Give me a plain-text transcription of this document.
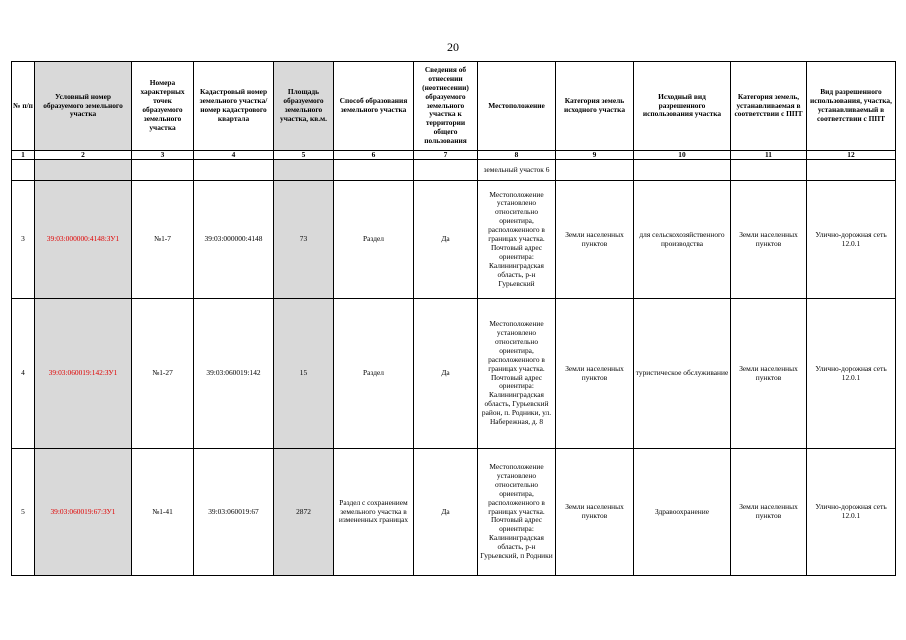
20
№ п/п	Условный номер образуемого земельного участка	Номера характерных точек образуемого земельного участка	Кадастровый номер земельного участка/номер кадастрового квартала	Площадь образуемого земельного участка, кв.м.	Способ образования земельного участка	Сведения об отнесении (неотнесении) образуемого земельного участка к территории общего пользования	Местоположение	Категория земель исходного участка	Исходный вид разрешенного использования участка	Категория земель, устанавливаемая в соответствии с ППТ	Вид разрешенного использования, участка, устанавливаемый в соответствии с ППТ
1	2	3	4	5	6	7	8	9	10	11	12
							земельный участок 6				
3	39:03:000000:4148:ЗУ1	№1-7	39:03:000000:4148	73	Раздел	Да	Местоположение установлено относительно ориентира, расположенного в границах участка. Почтовый адрес ориентира: Калининградская область, р-н Гурьевский	Земли населенных пунктов	для сельскохозяйственного производства	Земли населенных пунктов	Улично-дорожная сеть 12.0.1
4	39:03:060019:142:ЗУ1	№1-27	39:03:060019:142	15	Раздел	Да	Местоположение установлено относительно ориентира, расположенного в границах участка. Почтовый адрес ориентира: Калининградская область, Гурьевский район, п. Родники, ул. Набережная, д. 8	Земли населенных пунктов	туристическое обслуживание	Земли населенных пунктов	Улично-дорожная сеть 12.0.1
5	39:03:060019:67:ЗУ1	№1-41	39:03:060019:67	2872	Раздел с сохранением земельного участка в измененных границах	Да	Местоположение установлено относительно ориентира, расположенного в границах участка. Почтовый адрес ориентира: Калининградская область, р-н Гурьевский, п Родники	Земли населенных пунктов	Здравоохранение	Земли населенных пунктов	Улично-дорожная сеть 12.0.1
